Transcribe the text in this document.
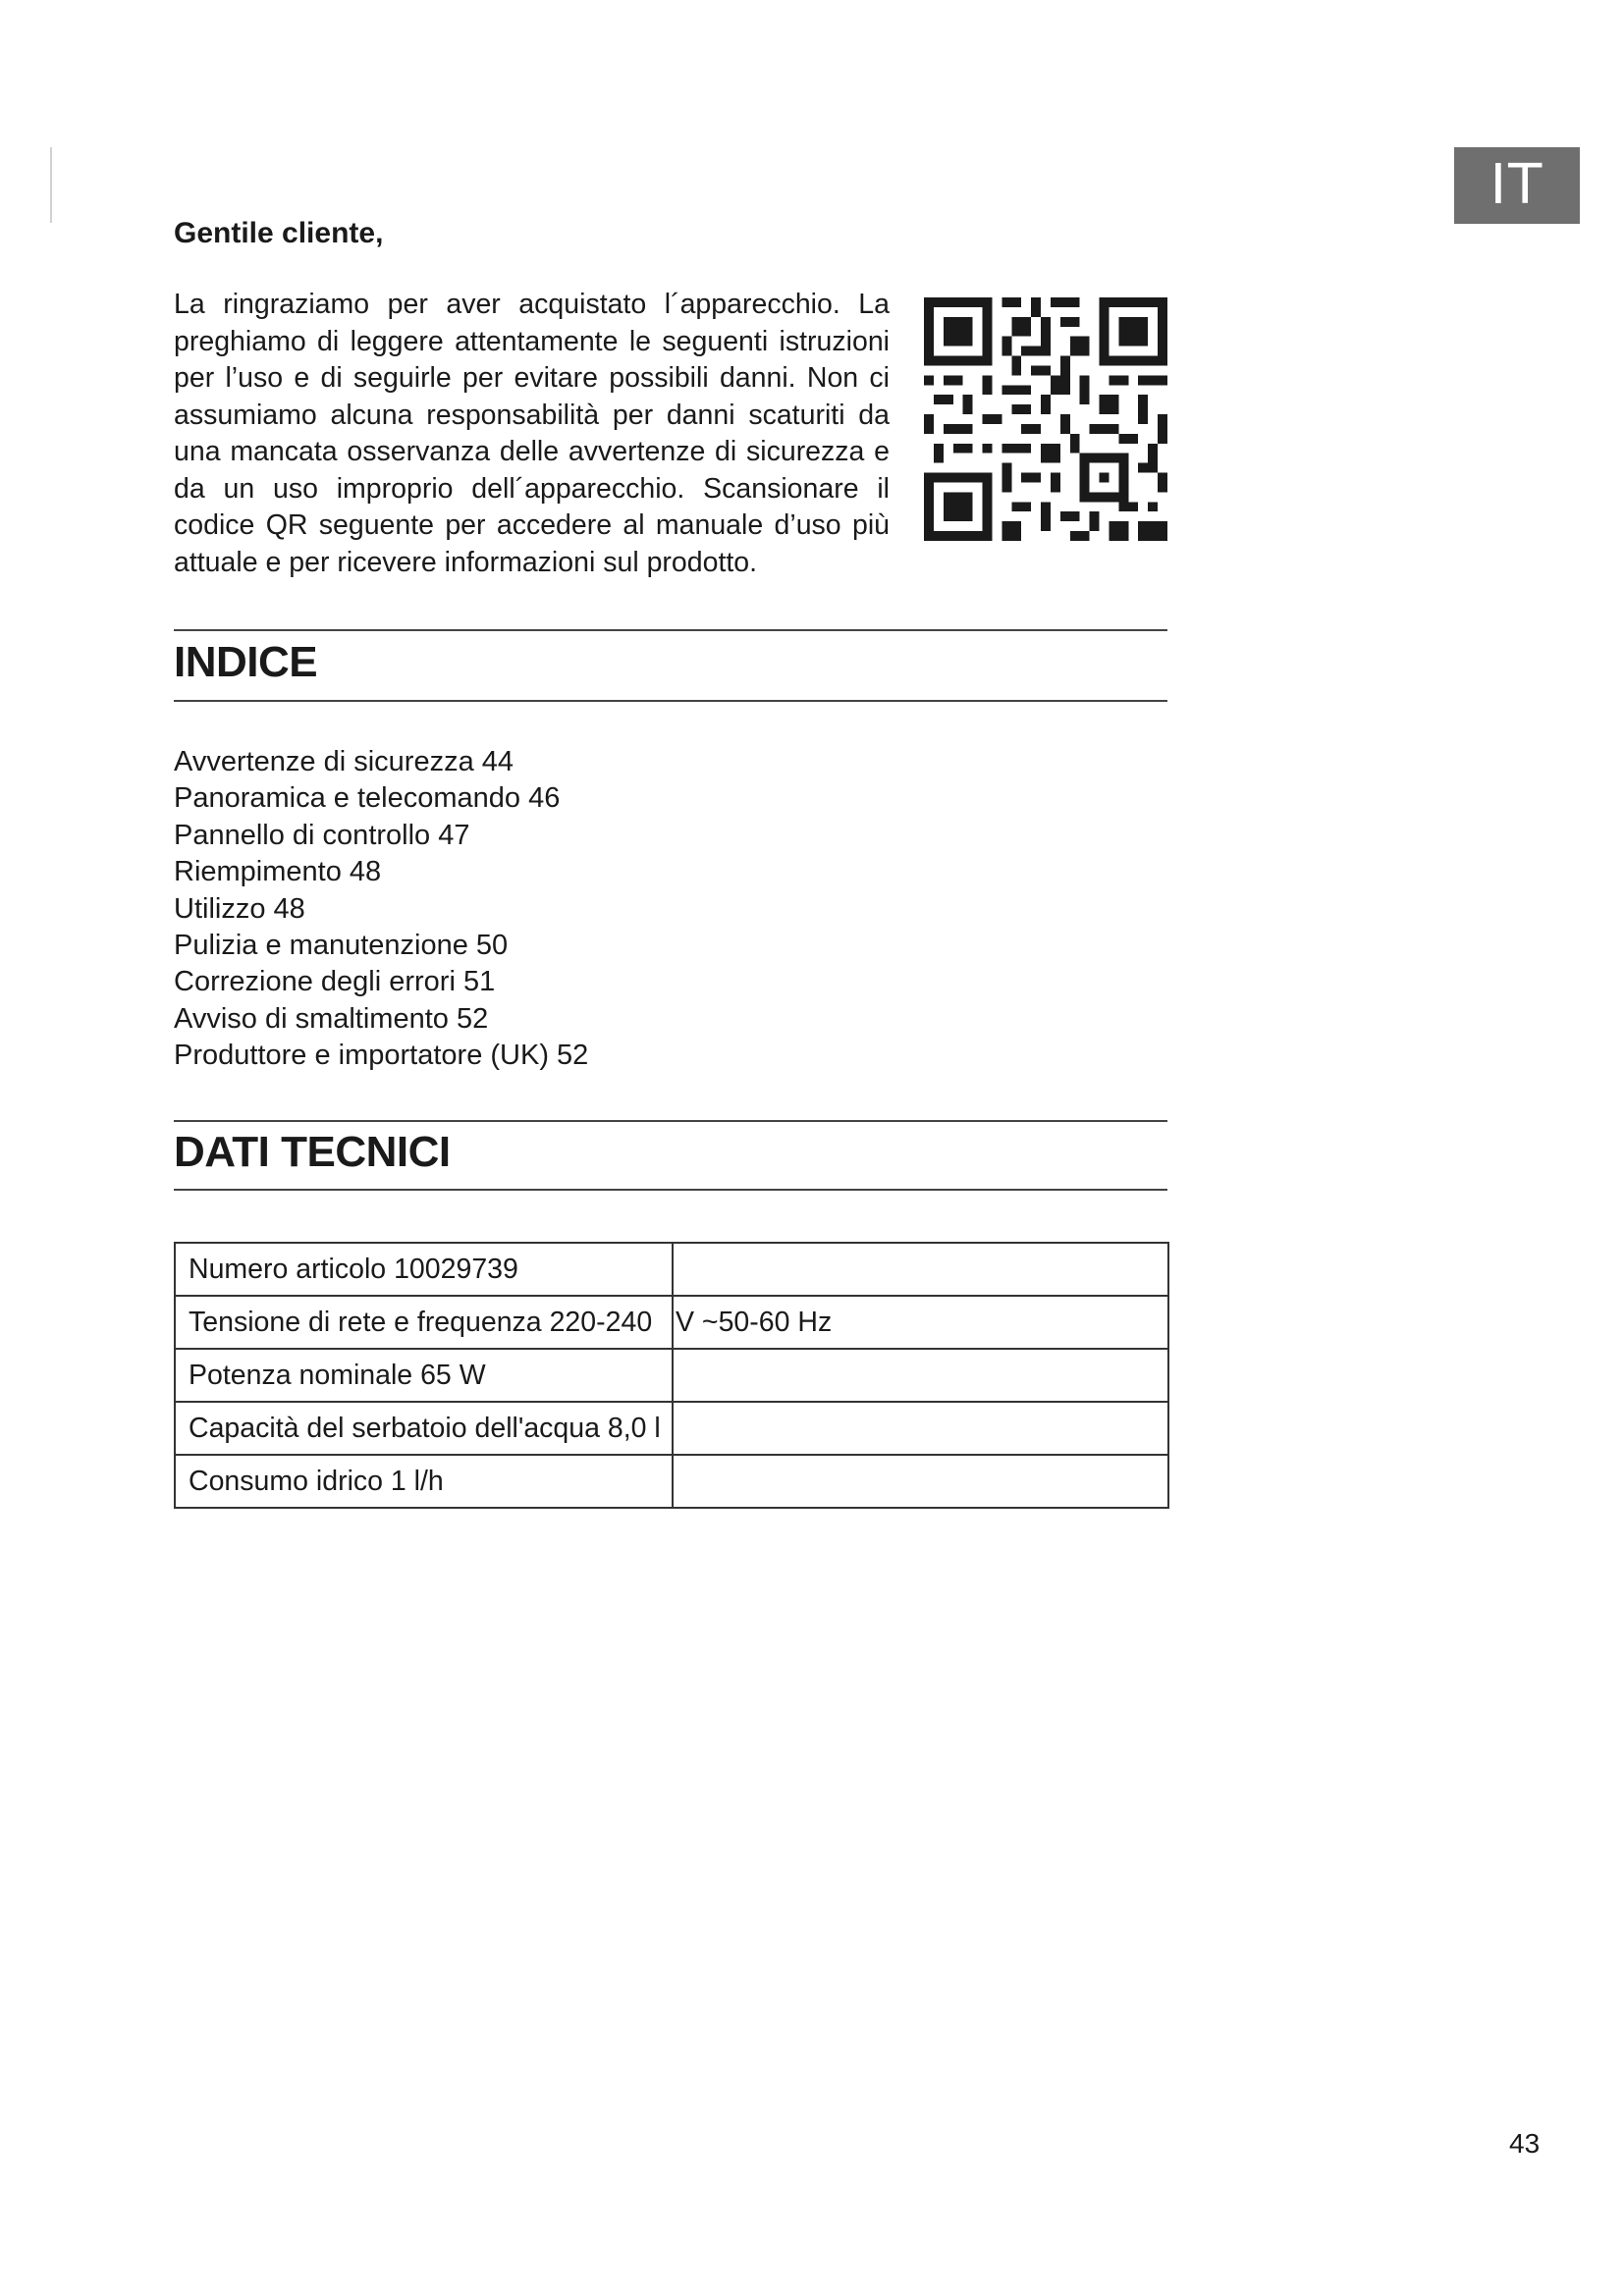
IT

Gentile cliente,

La ringraziamo per aver acquistato l´apparecchio. La preghiamo di leggere attentamente le seguenti istruzioni per l’uso e di seguirle per evitare possibili danni. Non ci assumiamo alcuna responsabilità per danni scaturiti da una mancata osservanza delle avvertenze di sicurezza e da un uso improprio dell´apparecchio. Scansionare il codice QR seguente per accedere al manuale d’uso più attuale e per ricevere informazioni sul prodotto.

INDICE
Avvertenze di sicurezza 44
Panoramica e telecomando 46
Pannello di controllo 47
Riempimento 48
Utilizzo 48
Pulizia e manutenzione 50
Correzione degli errori 51
Avviso di smaltimento 52
Produttore e importatore (UK) 52
DATI TECNICI
Numero articolo 10029739	
Tensione di rete e frequenza 220-240	V ~50-60 Hz
Potenza nominale 65 W	
Capacità del serbatoio dell'acqua 8,0 l	
Consumo idrico 1 l/h	
43
